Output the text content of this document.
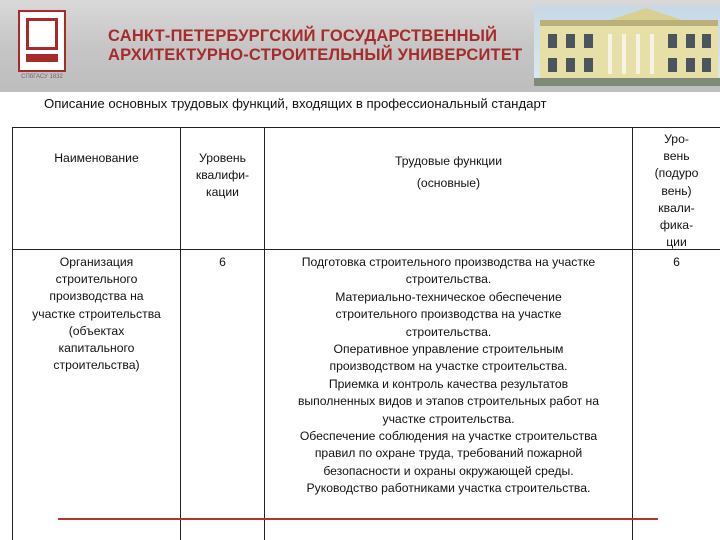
СПбГАСУ 1832
САНКТ-ПЕТЕРБУРГСКИЙ ГОСУДАРСТВЕННЫЙ
АРХИТЕКТУРНО-СТРОИТЕЛЬНЫЙ УНИВЕРСИТЕТ
Описание основных трудовых функций, входящих в профессиональный стандарт
Наименование	Уровень
квалифи-
кации
Трудовые функции
(основные)
Уро-
вень
(подуро
вень)
квали-
фика-
ции
Организация
строительного
производства на
участке строительства
(объектах
капитального
строительства)
6	Подготовка строительного производства на участке
строительства.
Материально-техническое обеспечение
строительного производства на участке
строительства.
Оперативное управление строительным
производством на участке строительства.
Приемка и контроль качества результатов
выполненных видов и этапов строительных работ на
участке строительства.
Обеспечение соблюдения на участке строительства
правил по охране труда, требований пожарной
безопасности и охраны окружающей среды.
Руководство работниками участка строительства.
6
